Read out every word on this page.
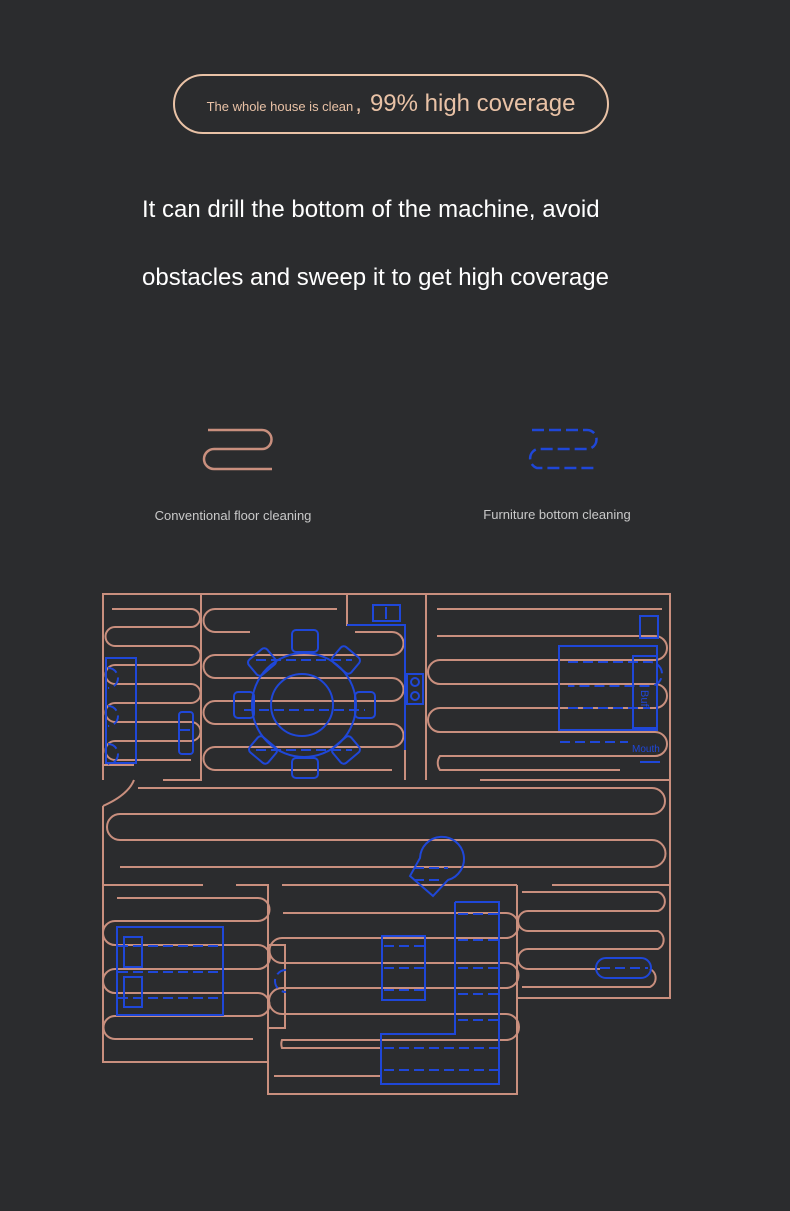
The whole house is clean , 99% high coverage
It can drill the bottom of the machine, avoid
obstacles and sweep it to get high coverage
Buf
Mouth
Conventional floor cleaning	Furniture bottom cleaning
